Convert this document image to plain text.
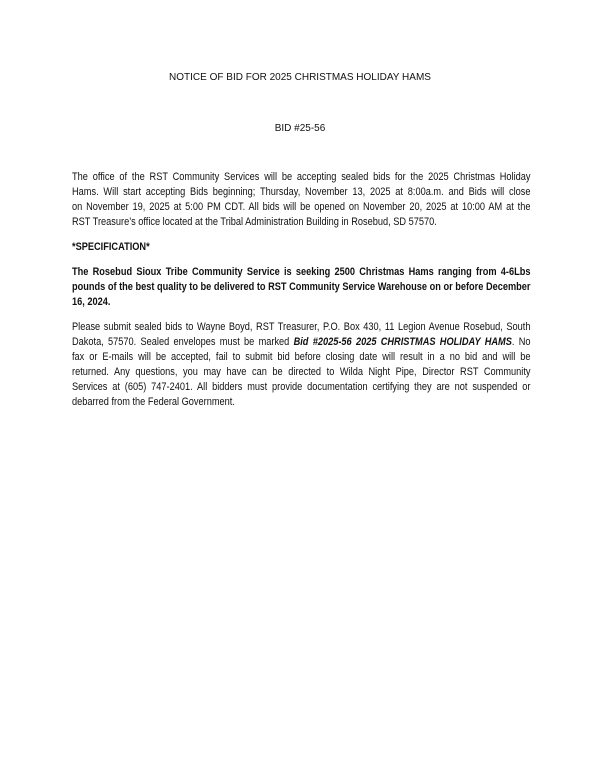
NOTICE OF BID FOR 2025 CHRISTMAS HOLIDAY HAMS
BID #25-56
The office of the RST Community Services will be accepting sealed bids for the 2025 Christmas Holiday
Hams. Will start accepting Bids beginning; Thursday, November 13, 2025 at 8:00a.m. and Bids will close
on November 19, 2025 at 5:00 PM CDT. All bids will be opened on November 20, 2025 at 10:00 AM at the
RST Treasure’s office located at the Tribal Administration Building in Rosebud, SD 57570.
*SPECIFICATION*
The Rosebud Sioux Tribe Community Service is seeking 2500 Christmas Hams ranging from 4-6Lbs
pounds of the best quality to be delivered to RST Community Service Warehouse on or before December
16, 2024.
Please submit sealed bids to Wayne Boyd, RST Treasurer, P.O. Box 430, 11 Legion Avenue Rosebud, South
Dakota, 57570. Sealed envelopes must be marked Bid #2025-56 2025 CHRISTMAS HOLIDAY HAMS. No
fax or E-mails will be accepted, fail to submit bid before closing date will result in a no bid and will be
returned. Any questions, you may have can be directed to Wilda Night Pipe, Director RST Community
Services at (605) 747-2401. All bidders must provide documentation certifying they are not suspended or
debarred from the Federal Government.
